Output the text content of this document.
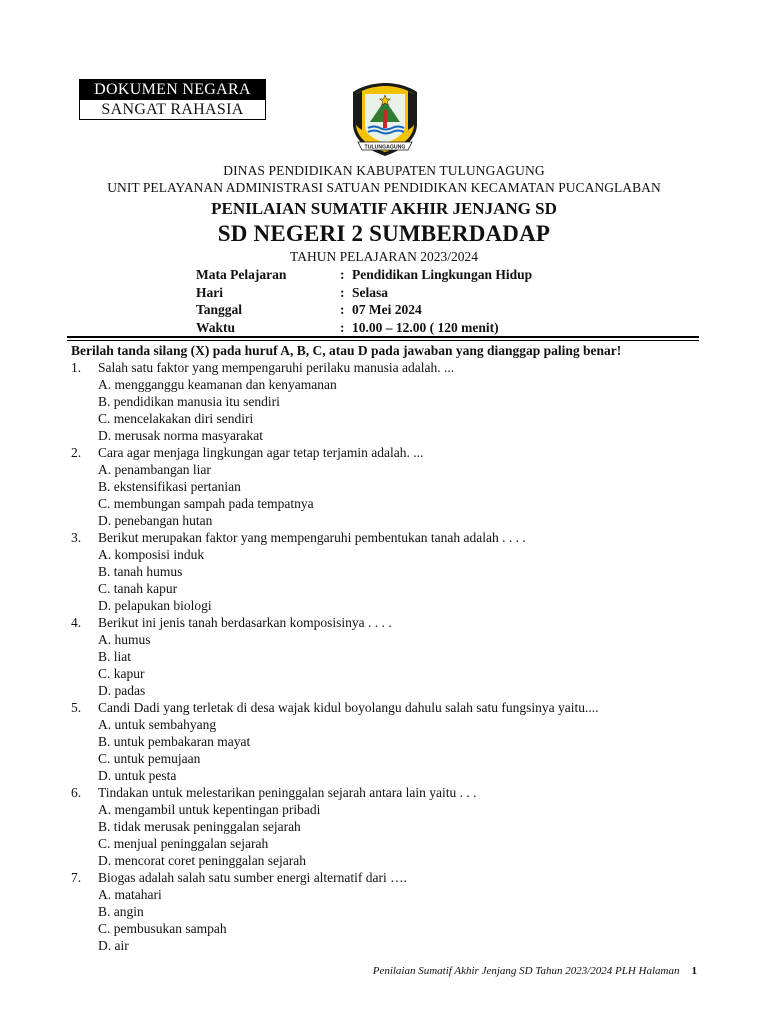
DOKUMEN NEGARA
SANGAT RAHASIA
TULUNGAGUNG
DINAS PENDIDIKAN KABUPATEN TULUNGAGUNG
UNIT PELAYANAN ADMINISTRASI SATUAN PENDIDIKAN KECAMATAN PUCANGLABAN
PENILAIAN SUMATIF AKHIR JENJANG SD
SD NEGERI 2 SUMBERDADAP
TAHUN PELAJARAN 2023/2024
Mata Pelajaran	: Pendidikan Lingkungan Hidup
Hari	: Selasa
Tanggal	: 07 Mei 2024
Waktu	: 10.00 – 12.00 ( 120 menit)
Berilah tanda silang (X) pada huruf A, B, C, atau D pada jawaban yang dianggap paling benar!
1. Salah satu faktor yang mempengaruhi perilaku manusia adalah. ...
A. mengganggu keamanan dan kenyamanan
B. pendidikan manusia itu sendiri
C. mencelakakan diri sendiri
D. merusak norma masyarakat
2. Cara agar menjaga lingkungan agar tetap terjamin adalah. ...
A. penambangan liar
B. ekstensifikasi pertanian
C. membungan sampah pada tempatnya
D. penebangan hutan
3. Berikut merupakan faktor yang mempengaruhi pembentukan tanah adalah . . . .
A. komposisi induk
B. tanah humus
C. tanah kapur
D. pelapukan biologi
4. Berikut ini jenis tanah berdasarkan komposisinya . . . .
A. humus
B. liat
C. kapur
D. padas
5. Candi Dadi yang terletak di desa wajak kidul boyolangu dahulu salah satu fungsinya yaitu....
A. untuk sembahyang
B. untuk pembakaran mayat
C. untuk pemujaan
D. untuk pesta
6. Tindakan untuk melestarikan peninggalan sejarah antara lain yaitu . . .
A. mengambil untuk kepentingan pribadi
B. tidak merusak peninggalan sejarah
C. menjual peninggalan sejarah
D. mencorat coret peninggalan sejarah
7. Biogas adalah salah satu sumber energi alternatif dari ….
A. matahari
B. angin
C. pembusukan sampah
D. air
Penilaian Sumatif Akhir Jenjang SD Tahun 2023/2024 PLH Halaman 1
